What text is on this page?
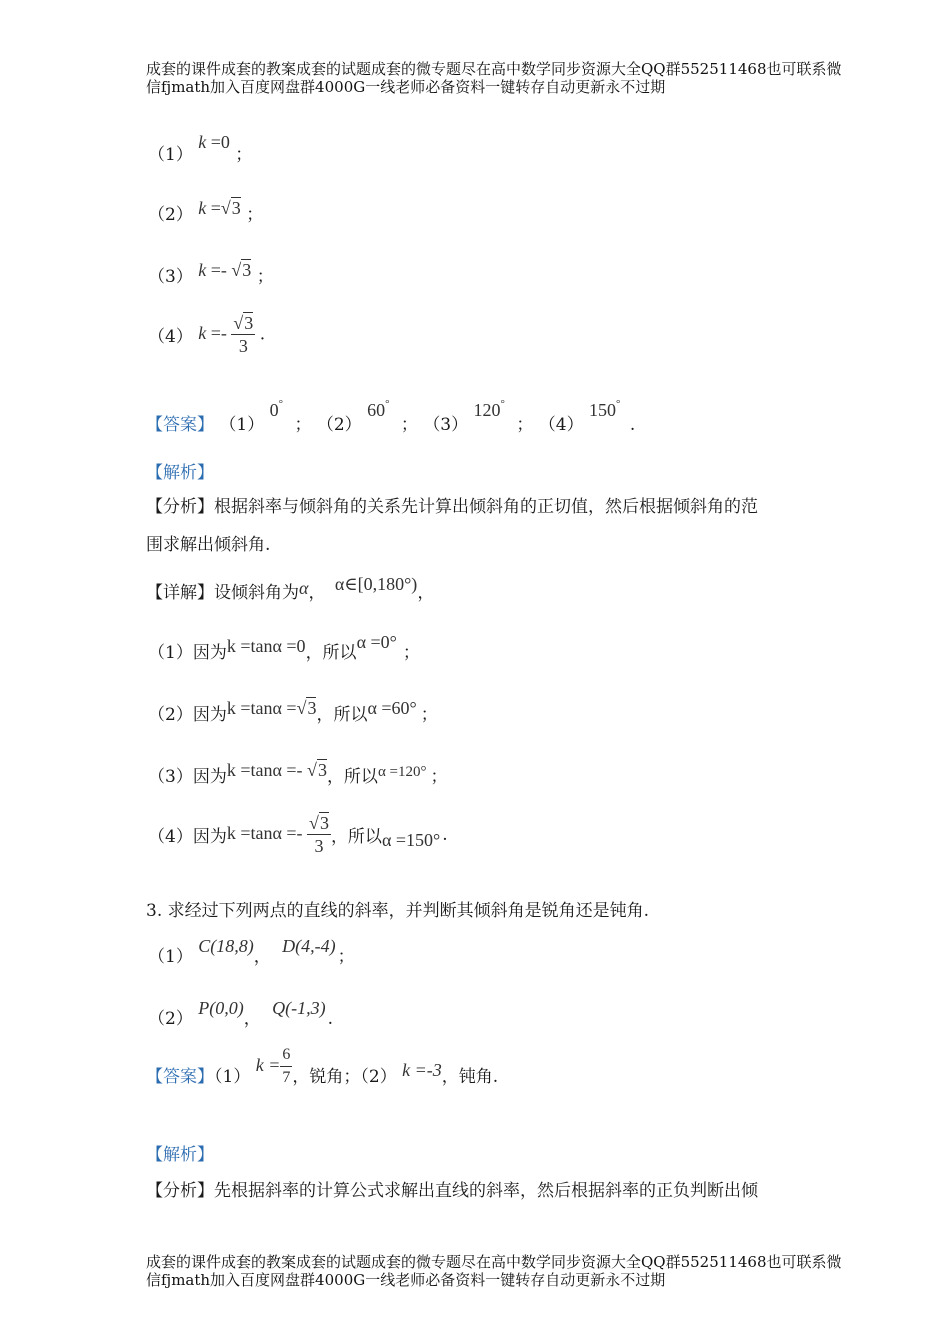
成套的课件成套的教案成套的试题成套的微专题尽在高中数学同步资源大全QQ群552511468也可联系微
信fjmath加入百度网盘群4000G一线老师必备资料一键转存自动更新永不过期
（1） k =0 ；
（2） k =√3 ；
（3） k =- √3 ；
（4） $k =- \frac{√3}{3}$ .
【答案】 （1） 0° ； （2） 60° ； （3） 120° ； （4） 150° .
【解析】
【分析】根据斜率与倾斜角的关系先计算出倾斜角的正切值，然后根据倾斜角的范
围求解出倾斜角.
【详解】设倾斜角为α， α∈[0,180°)，
（1）因为k =tanα =0，所以α =0°；
（2）因为k =tanα =√3，所以α =60° ；
（3）因为k =tanα =- √3，所以α =120° ；
（4）因为$k =\tan\alpha =- \frac{√3}{3}$ ，所以α =150° .
3. 求经过下列两点的直线的斜率，并判断其倾斜角是锐角还是钝角.
（1） C(18,8)， D(4,-4)；
（2） P(0,0)， Q(-1,3).
【答案】（1） $k = \frac{6}{7}$ ，锐角；（2） k =-3，钝角.
【解析】
【分析】先根据斜率的计算公式求解出直线的斜率，然后根据斜率的正负判断出倾
成套的课件成套的教案成套的试题成套的微专题尽在高中数学同步资源大全QQ群552511468也可联系微
信fjmath加入百度网盘群4000G一线老师必备资料一键转存自动更新永不过期
